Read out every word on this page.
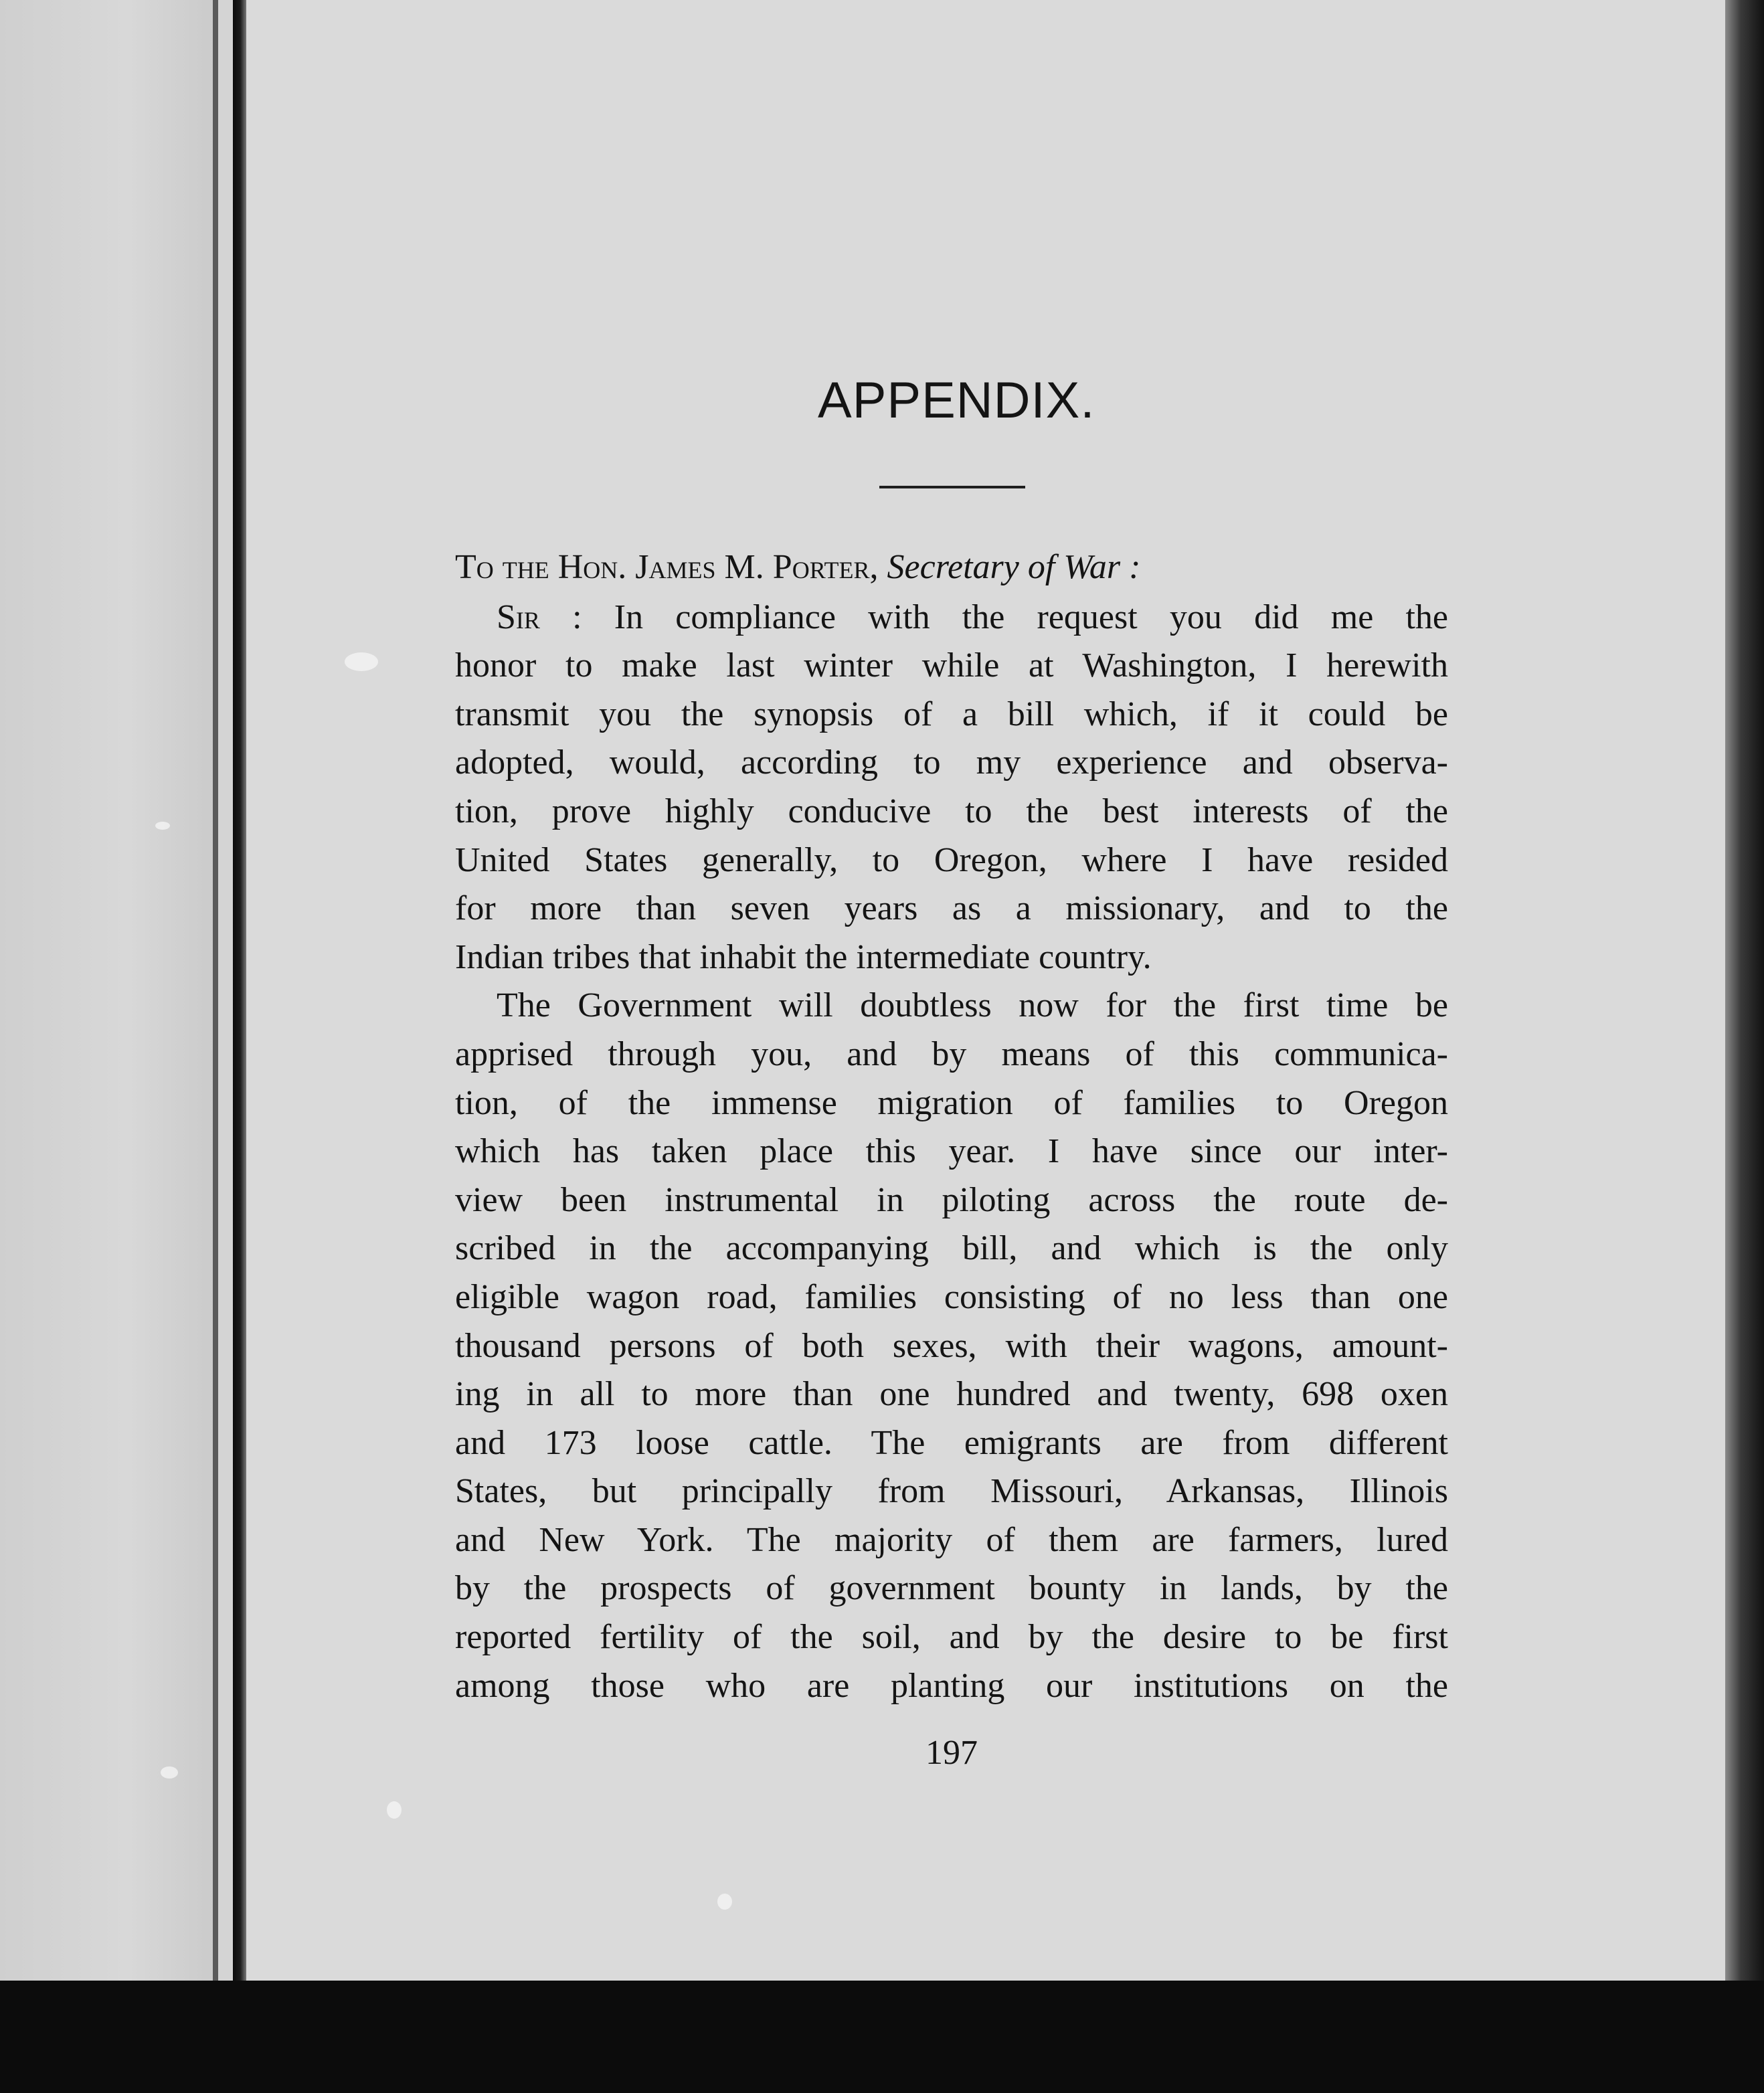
APPENDIX.
To the Hon. James M. Porter, Secretary of War :
Sir : In compliance with the request you did me the
honor to make last winter while at Washington, I herewith
transmit you the synopsis of a bill which, if it could be
adopted, would, according to my experience and observa-
tion, prove highly conducive to the best interests of the
United States generally, to Oregon, where I have resided
for more than seven years as a missionary, and to the
Indian tribes that inhabit the intermediate country.
The Government will doubtless now for the first time be
apprised through you, and by means of this communica-
tion, of the immense migration of families to Oregon
which has taken place this year. I have since our inter-
view been instrumental in piloting across the route de-
scribed in the accompanying bill, and which is the only
eligible wagon road, families consisting of no less than one
thousand persons of both sexes, with their wagons, amount-
ing in all to more than one hundred and twenty, 698 oxen
and 173 loose cattle. The emigrants are from different
States, but principally from Missouri, Arkansas, Illinois
and New York. The majority of them are farmers, lured
by the prospects of government bounty in lands, by the
reported fertility of the soil, and by the desire to be first
among those who are planting our institutions on the
197
